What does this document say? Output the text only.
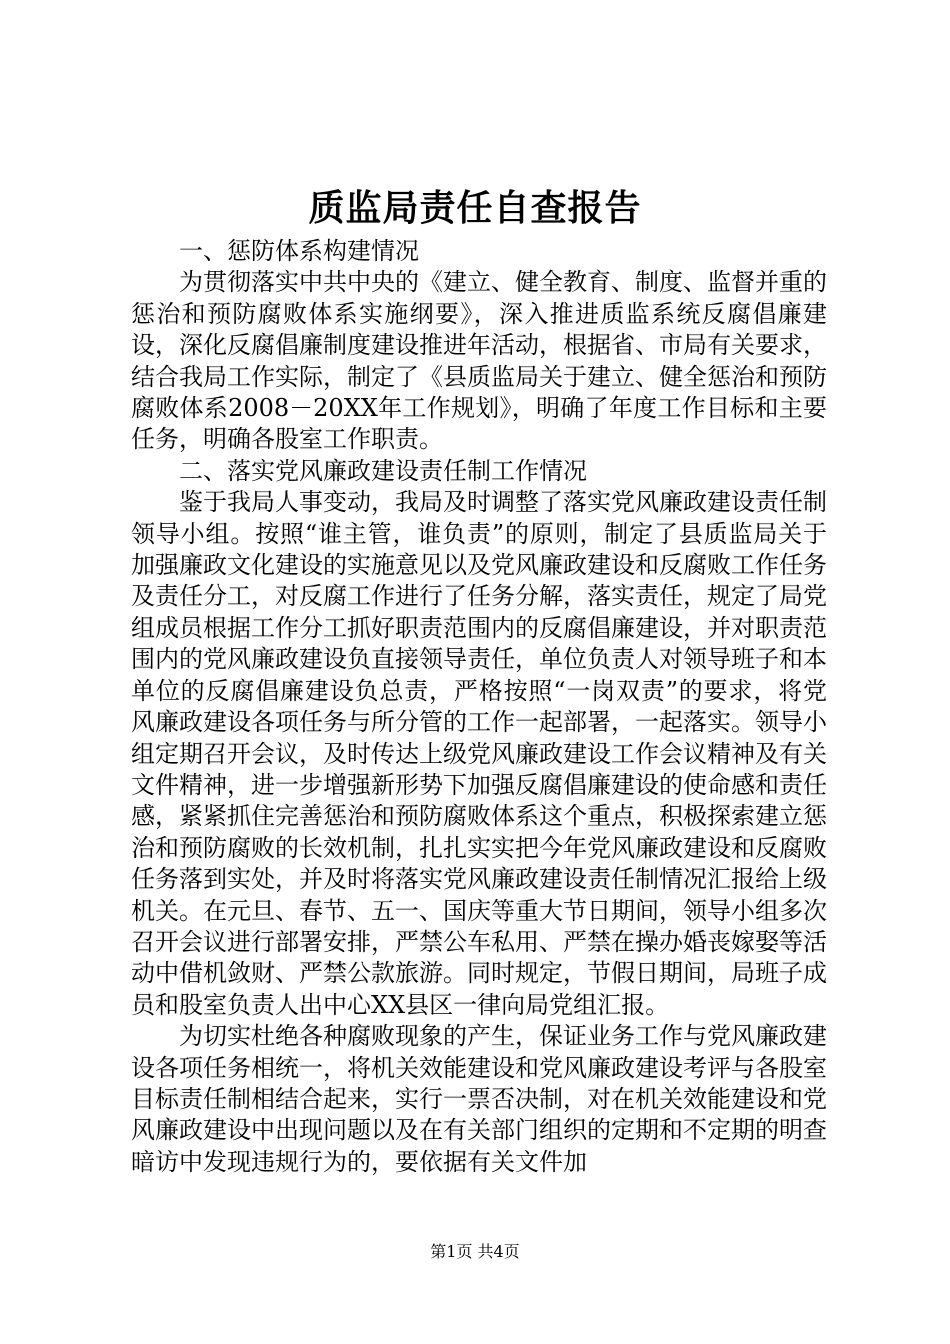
质监局责任自查报告

一、惩防体系构建情况

为贯彻落实中共中央的《建立、健全教育、制度、监督并重的惩治和预防腐败体系实施纲要》，深入推进质监系统反腐倡廉建设，深化反腐倡廉制度建设推进年活动，根据省、市局有关要求，结合我局工作实际，制定了《县质监局关于建立、健全惩治和预防腐败体系2008－20XX年工作规划》，明确了年度工作目标和主要任务，明确各股室工作职责。

二、落实党风廉政建设责任制工作情况

鉴于我局人事变动，我局及时调整了落实党风廉政建设责任制领导小组。按照“谁主管，谁负责”的原则，制定了县质监局关于加强廉政文化建设的实施意见以及党风廉政建设和反腐败工作任务及责任分工，对反腐工作进行了任务分解，落实责任，规定了局党组成员根据工作分工抓好职责范围内的反腐倡廉建设，并对职责范围内的党风廉政建设负直接领导责任，单位负责人对领导班子和本单位的反腐倡廉建设负总责，严格按照“一岗双责”的要求，将党风廉政建设各项任务与所分管的工作一起部署，一起落实。领导小组定期召开会议，及时传达上级党风廉政建设工作会议精神及有关文件精神，进一步增强新形势下加强反腐倡廉建设的使命感和责任感，紧紧抓住完善惩治和预防腐败体系这个重点，积极探索建立惩治和预防腐败的长效机制，扎扎实实把今年党风廉政建设和反腐败任务落到实处，并及时将落实党风廉政建设责任制情况汇报给上级机关。在元旦、春节、五一、国庆等重大节日期间，领导小组多次召开会议进行部署安排，严禁公车私用、严禁在操办婚丧嫁娶等活动中借机敛财、严禁公款旅游。同时规定，节假日期间，局班子成员和股室负责人出中心XX县区一律向局党组汇报。

为切实杜绝各种腐败现象的产生，保证业务工作与党风廉政建设各项任务相统一，将机关效能建设和党风廉政建设考评与各股室目标责任制相结合起来，实行一票否决制，对在机关效能建设和党风廉政建设中出现问题以及在有关部门组织的定期和不定期的明查暗访中发现违规行为的，要依据有关文件加

第1页 共4页
